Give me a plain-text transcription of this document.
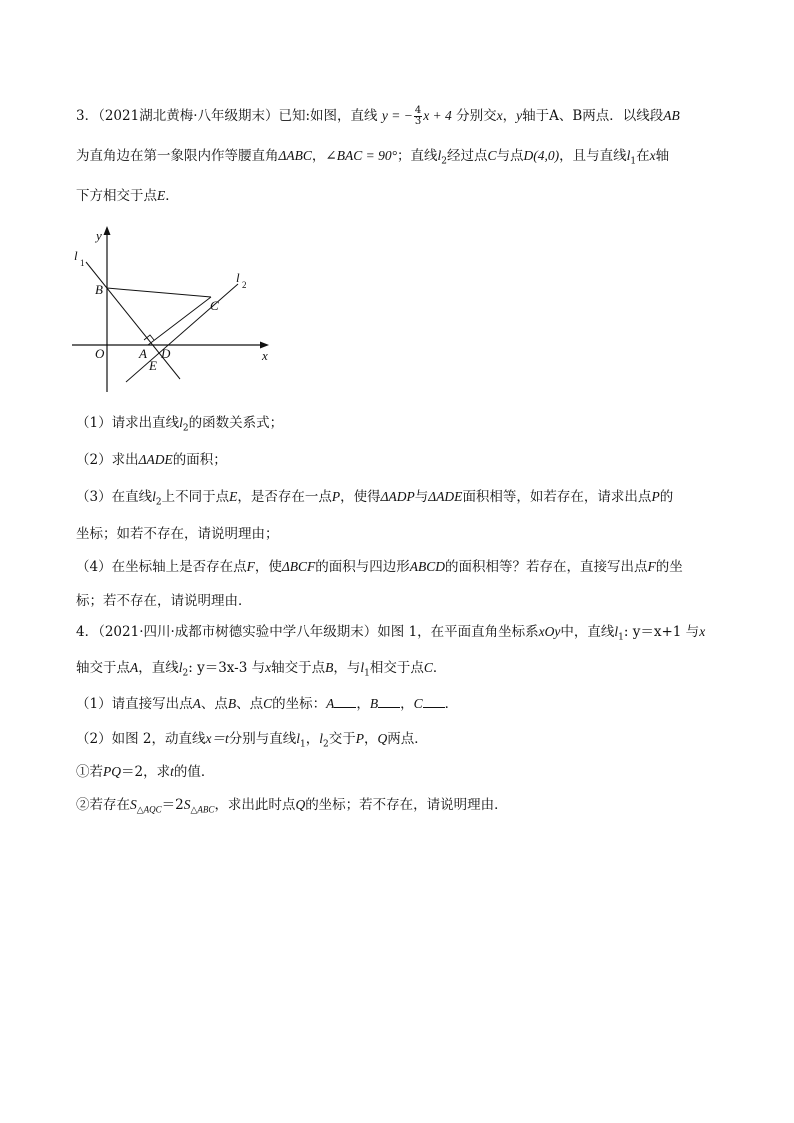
3．（2021湖北黄梅·八年级期末）已知:如图，直线 y = − $\frac{4}{3}$ x + 4 分别交x，y轴于A、B两点．以线段AB
为直角边在第一象限内作等腰直角ΔABC，∠BAC = 90°；直线$l_2$经过点C与点D(4,0)，且与直线$l_1$在x轴
下方相交于点E．
y
l 1
l 2
B
C
O	A D
E
x
（1）请求出直线$l_2$的函数关系式；
（2）求出ΔADE的面积；
（3）在直线$l_2$上不同于点E，是否存在一点P，使得ΔADP与ΔADE面积相等，如若存在，请求出点P的
坐标；如若不存在，请说明理由；
（4）在坐标轴上是否存在点F，使ΔBCF的面积与四边形ABCD的面积相等？若存在，直接写出点F的坐
标；若不存在，请说明理由．
4．（2021·四川·成都市树德实验中学八年级期末）如图 1，在平面直角坐标系xOy中，直线$l_1$: y＝x+1 与x
轴交于点A，直线$l_2$: y＝3x-3 与x轴交于点B，与$l_1$相交于点C．
（1）请直接写出点A、点B、点C的坐标：A ，B ，C ．
（2）如图 2，动直线x＝t分别与直线$l_1$，$l_2$交于P，Q两点．
①若PQ＝2，求t的值．
②若存在$S_{\triangle AQC}=2S_{\triangle ABC}$，求出此时点Q的坐标；若不存在，请说明理由．
